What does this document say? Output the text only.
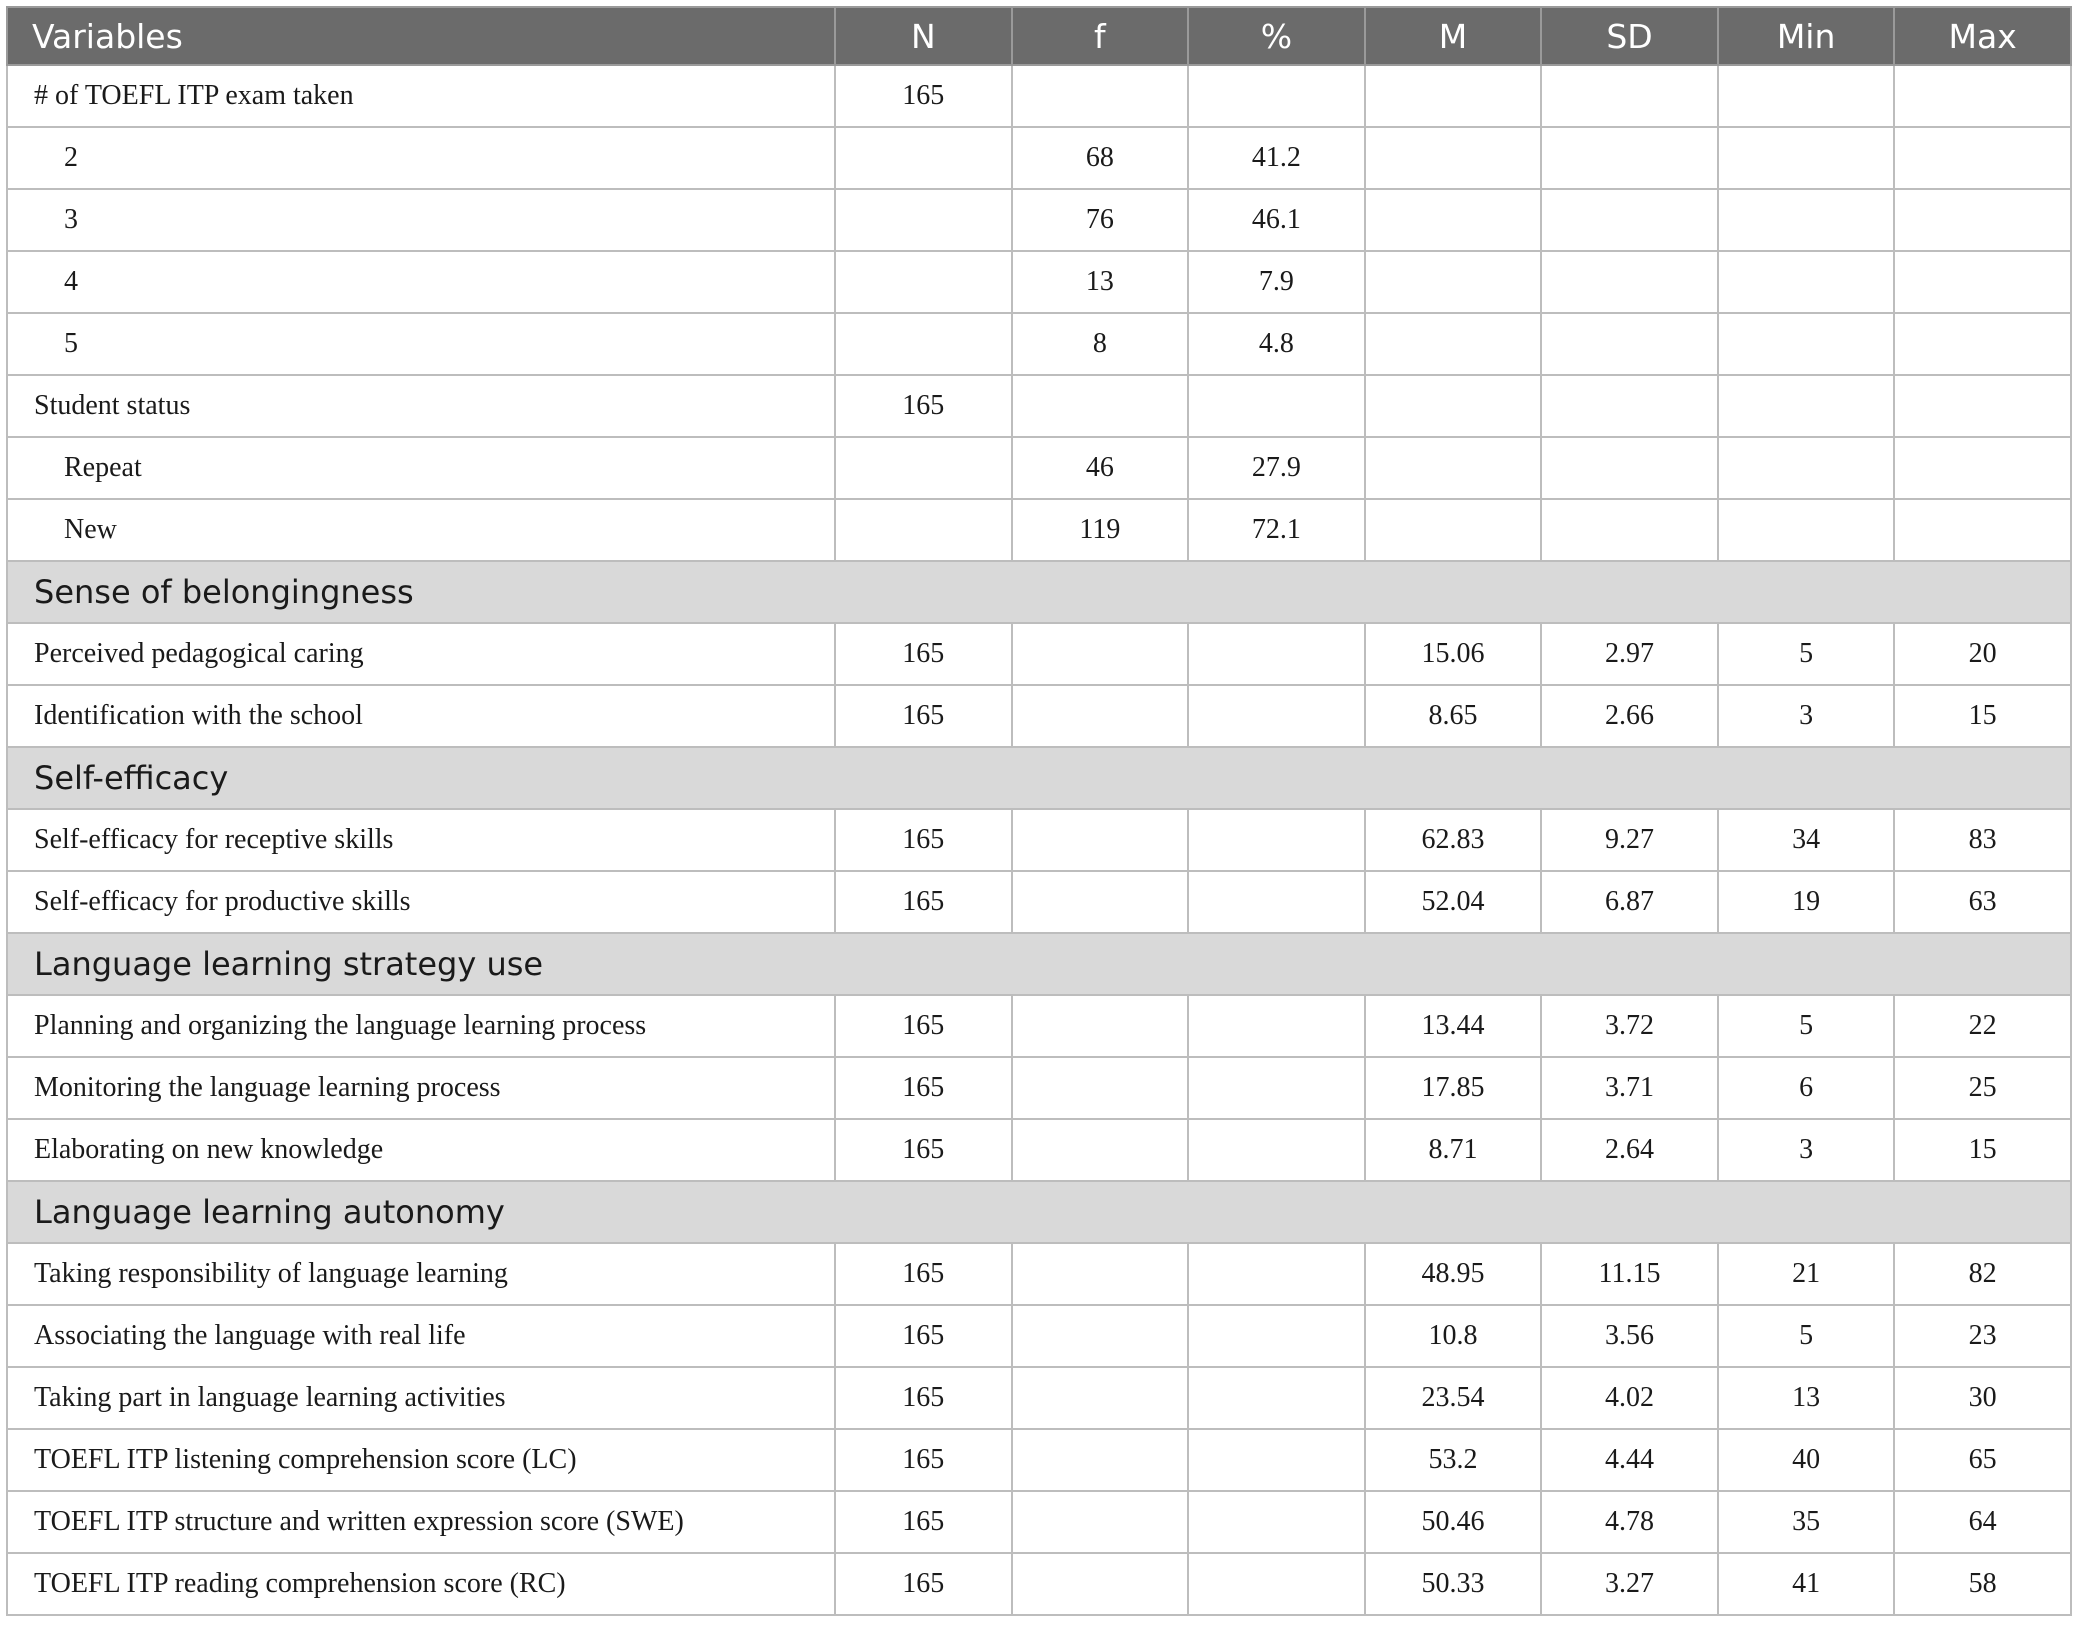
Variables	N	f	%	M	SD	Min	Max
# of TOEFL ITP exam taken	165						
2		68	41.2				
3		76	46.1				
4		13	7.9				
5		8	4.8				
Student status	165						
Repeat		46	27.9				
New		119	72.1				
Sense of belongingness							
Perceived pedagogical caring	165			15.06	2.97	5	20
Identification with the school	165			8.65	2.66	3	15
Self-efficacy							
Self-efficacy for receptive skills	165			62.83	9.27	34	83
Self-efficacy for productive skills	165			52.04	6.87	19	63
Language learning strategy use							
Planning and organizing the language learning process	165			13.44	3.72	5	22
Monitoring the language learning process	165			17.85	3.71	6	25
Elaborating on new knowledge	165			8.71	2.64	3	15
Language learning autonomy							
Taking responsibility of language learning	165			48.95	11.15	21	82
Associating the language with real life	165			10.8	3.56	5	23
Taking part in language learning activities	165			23.54	4.02	13	30
TOEFL ITP listening comprehension score (LC)	165			53.2	4.44	40	65
TOEFL ITP structure and written expression score (SWE)	165			50.46	4.78	35	64
TOEFL ITP reading comprehension score (RC)	165			50.33	3.27	41	58
